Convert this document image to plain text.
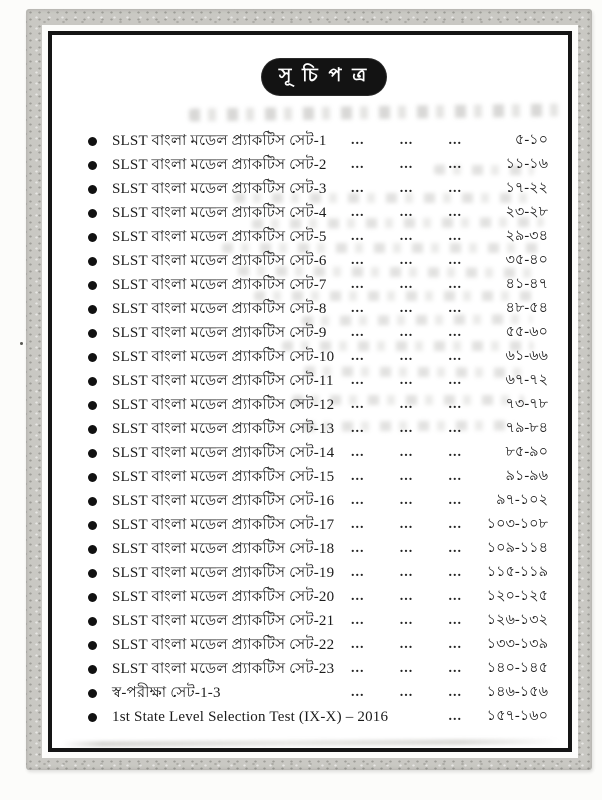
সূ চি প ত্র
SLST বাংলা মডেল প্র্যাকটিস সেট-1	...	...	...	৫-১০
SLST বাংলা মডেল প্র্যাকটিস সেট-2	...	...	...	১১-১৬
SLST বাংলা মডেল প্র্যাকটিস সেট-3	...	...	...	১৭-২২
SLST বাংলা মডেল প্র্যাকটিস সেট-4	...	...	...	২৩-২৮
SLST বাংলা মডেল প্র্যাকটিস সেট-5	...	...	...	২৯-৩৪
SLST বাংলা মডেল প্র্যাকটিস সেট-6	...	...	...	৩৫-৪০
SLST বাংলা মডেল প্র্যাকটিস সেট-7	...	...	...	৪১-৪৭
SLST বাংলা মডেল প্র্যাকটিস সেট-8	...	...	...	৪৮-৫৪
SLST বাংলা মডেল প্র্যাকটিস সেট-9	...	...	...	৫৫-৬০
SLST বাংলা মডেল প্র্যাকটিস সেট-10	...	...	...	৬১-৬৬
SLST বাংলা মডেল প্র্যাকটিস সেট-11	...	...	...	৬৭-৭২
SLST বাংলা মডেল প্র্যাকটিস সেট-12	...	...	...	৭৩-৭৮
SLST বাংলা মডেল প্র্যাকটিস সেট-13	...	...	...	৭৯-৮৪
SLST বাংলা মডেল প্র্যাকটিস সেট-14	...	...	...	৮৫-৯০
SLST বাংলা মডেল প্র্যাকটিস সেট-15	...	...	...	৯১-৯৬
SLST বাংলা মডেল প্র্যাকটিস সেট-16	...	...	...	৯৭-১০২
SLST বাংলা মডেল প্র্যাকটিস সেট-17	...	...	...	১০৩-১০৮
SLST বাংলা মডেল প্র্যাকটিস সেট-18	...	...	...	১০৯-১১৪
SLST বাংলা মডেল প্র্যাকটিস সেট-19	...	...	...	১১৫-১১৯
SLST বাংলা মডেল প্র্যাকটিস সেট-20	...	...	...	১২০-১২৫
SLST বাংলা মডেল প্র্যাকটিস সেট-21	...	...	...	১২৬-১৩২
SLST বাংলা মডেল প্র্যাকটিস সেট-22	...	...	...	১৩৩-১৩৯
SLST বাংলা মডেল প্র্যাকটিস সেট-23	...	...	...	১৪০-১৪৫
স্ব-পরীক্ষা সেট-1-3	...	...	...	১৪৬-১৫৬
1st State Level Selection Test (IX-X) – 2016	...	১৫৭-১৬০
